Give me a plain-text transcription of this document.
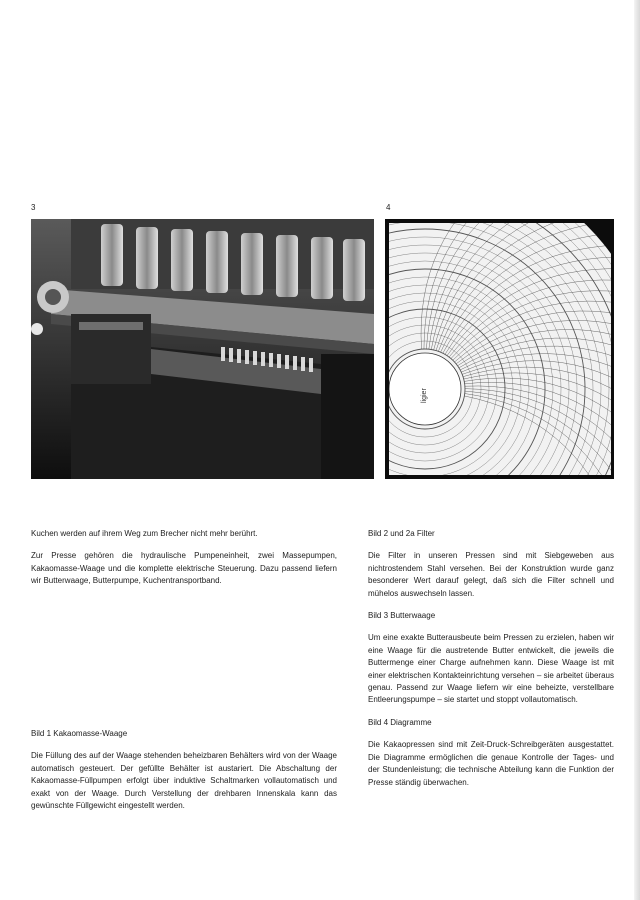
3	4
ligier

Kuchen werden auf ihrem Weg zum Brecher nicht mehr berührt.

Zur Presse gehören die hydraulische Pumpeneinheit, zwei Massepumpen, Kakaomasse-Waage und die komplette elektrische Steuerung. Dazu passend liefern wir Butterwaage, Butterpumpe, Kuchentransportband.

Bild 1 Kakaomasse-Waage

Die Füllung des auf der Waage stehenden beheizbaren Behälters wird von der Waage automatisch gesteuert. Der gefüllte Behälter ist austariert. Die Abschaltung der Kakaomasse-Füllpumpen erfolgt über induktive Schaltmarken vollautomatisch und exakt von der Waage. Durch Verstellung der drehbaren Innenskala kann das gewünschte Füllgewicht eingestellt werden.

Bild 2 und 2a Filter

Die Filter in unseren Pressen sind mit Siebgeweben aus nichtrostendem Stahl versehen. Bei der Konstruktion wurde ganz besonderer Wert darauf gelegt, daß sich die Filter schnell und mühelos auswechseln lassen.

Bild 3 Butterwaage

Um eine exakte Butterausbeute beim Pressen zu erzielen, haben wir eine Waage für die austretende Butter entwickelt, die jeweils die Buttermenge einer Charge aufnehmen kann. Diese Waage ist mit einer elektrischen Kontakteinrichtung versehen – sie arbeitet überaus genau. Passend zur Waage liefern wir eine beheizte, verstellbare Entleerungspumpe – sie startet und stoppt vollautomatisch.

Bild 4 Diagramme

Die Kakaopressen sind mit Zeit-Druck-Schreibgeräten ausgestattet. Die Diagramme ermöglichen die genaue Kontrolle der Tages- und der Stundenleistung; die technische Abteilung kann die Funktion der Presse ständig überwachen.
